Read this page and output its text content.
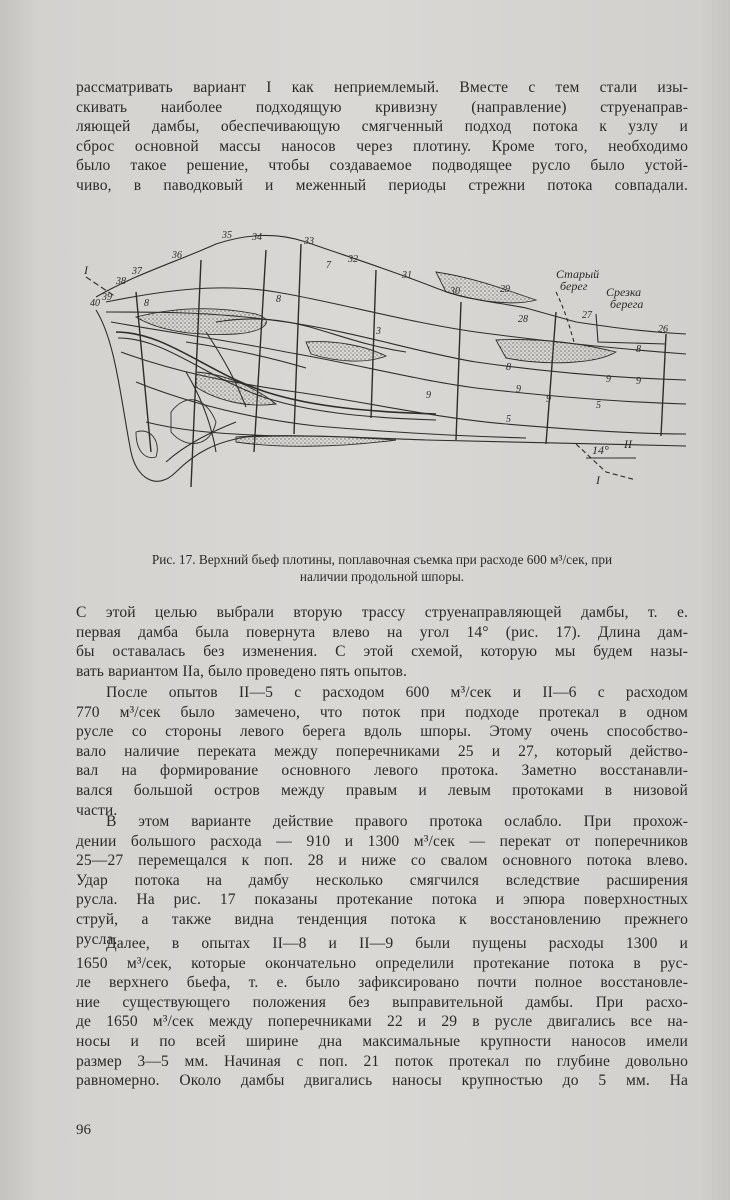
рассматривать вариант I как неприемлемый. Вместе с тем стали изы-
скивать наиболее подходящую кривизну (направление) струенаправ-
ляющей дамбы, обеспечивающую смягченный подход потока к узлу и
сброс основной массы наносов через плотину. Кроме того, необходимо
было такое решение, чтобы создаваемое подводящее русло было устой-
чиво, в паводковый и меженный периоды стрежни потока совпадали.

40
39
38
37
36
35 34	33
32
31
30	29
28	27
26
8
7
8
8
9
9
5
5
3
9	9
9
8
Старый
берег Срезка
берега
14°
I
II
I
Рис. 17. Верхний бьеф плотины, поплавочная съемка при расходе 600 м³/сек, при
наличии продольной шпоры.

С этой целью выбрали вторую трассу струенаправляющей дамбы, т. е.
первая дамба была повернута влево на угол 14° (рис. 17). Длина дам-
бы оставалась без изменения. С этой схемой, которую мы будем назы-
вать вариантом IIа, было проведено пять опытов.

После опытов II—5 с расходом 600 м³/сек и II—6 с расходом
770 м³/сек было замечено, что поток при подходе протекал в одном
русле со стороны левого берега вдоль шпоры. Этому очень способство-
вало наличие переката между поперечниками 25 и 27, который действо-
вал на формирование основного левого протока. Заметно восстанавли-
вался большой остров между правым и левым протоками в низовой
части.

В этом варианте действие правого протока ослабло. При прохож-
дении большого расхода — 910 и 1300 м³/сек — перекат от поперечников
25—27 перемещался к поп. 28 и ниже со свалом основного потока влево.
Удар потока на дамбу несколько смягчился вследствие расширения
русла. На рис. 17 показаны протекание потока и эпюра поверхностных
струй, а также видна тенденция потока к восстановлению прежнего
русла.

Далее, в опытах II—8 и II—9 были пущены расходы 1300 и
1650 м³/сек, которые окончательно определили протекание потока в рус-
ле верхнего бьефа, т. е. было зафиксировано почти полное восстановле-
ние существующего положения без выправительной дамбы. При расхо-
де 1650 м³/сек между поперечниками 22 и 29 в русле двигались все на-
носы и по всей ширине дна максимальные крупности наносов имели
размер 3—5 мм. Начиная с поп. 21 поток протекал по глубине довольно
равномерно. Около дамбы двигались наносы крупностью до 5 мм. На

96
